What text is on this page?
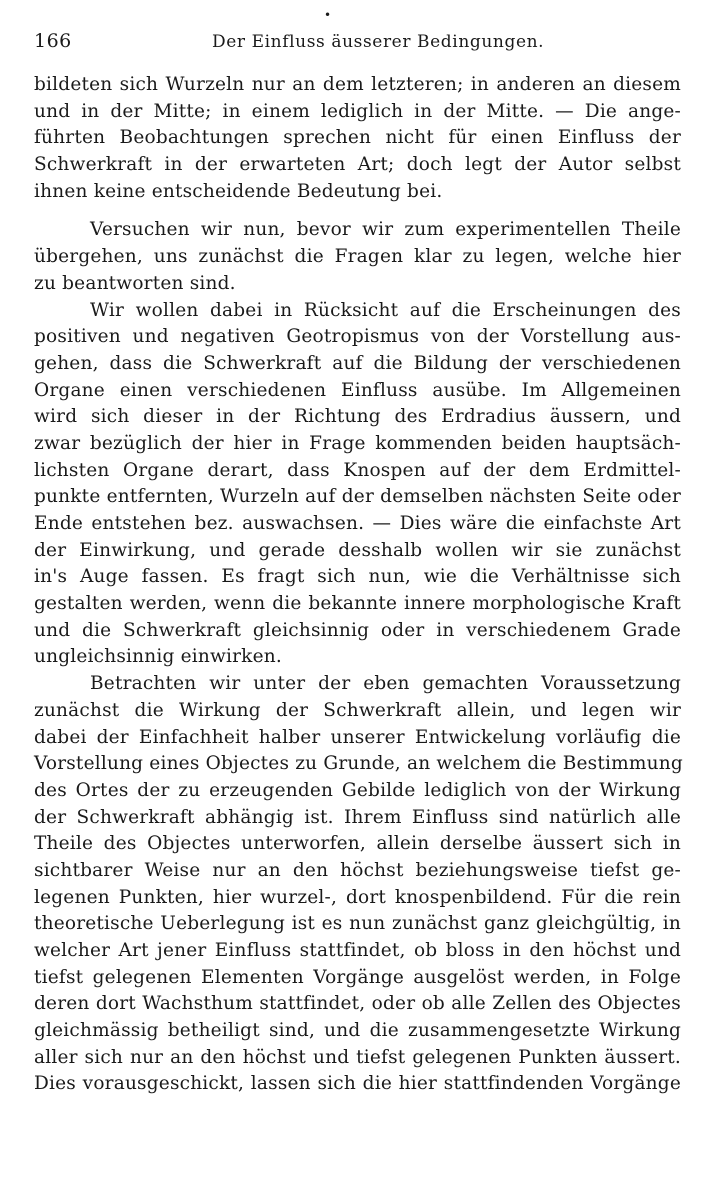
•
166	Der Einfluss äusserer Bedingungen.
bildeten sich Wurzeln nur an dem letzteren; in anderen an diesem
und in der Mitte; in einem lediglich in der Mitte. — Die ange-
führten Beobachtungen sprechen nicht für einen Einfluss der
Schwerkraft in der erwarteten Art; doch legt der Autor selbst
ihnen keine entscheidende Bedeutung bei.
Versuchen wir nun, bevor wir zum experimentellen Theile
übergehen, uns zunächst die Fragen klar zu legen, welche hier
zu beantworten sind.
Wir wollen dabei in Rücksicht auf die Erscheinungen des
positiven und negativen Geotropismus von der Vorstellung aus-
gehen, dass die Schwerkraft auf die Bildung der verschiedenen
Organe einen verschiedenen Einfluss ausübe. Im Allgemeinen
wird sich dieser in der Richtung des Erdradius äussern, und
zwar bezüglich der hier in Frage kommenden beiden hauptsäch-
lichsten Organe derart, dass Knospen auf der dem Erdmittel-
punkte entfernten, Wurzeln auf der demselben nächsten Seite oder
Ende entstehen bez. auswachsen. — Dies wäre die einfachste Art
der Einwirkung, und gerade desshalb wollen wir sie zunächst
in's Auge fassen. Es fragt sich nun, wie die Verhältnisse sich
gestalten werden, wenn die bekannte innere morphologische Kraft
und die Schwerkraft gleichsinnig oder in verschiedenem Grade
ungleichsinnig einwirken.
Betrachten wir unter der eben gemachten Voraussetzung
zunächst die Wirkung der Schwerkraft allein, und legen wir
dabei der Einfachheit halber unserer Entwickelung vorläufig die
Vorstellung eines Objectes zu Grunde, an welchem die Bestimmung
des Ortes der zu erzeugenden Gebilde lediglich von der Wirkung
der Schwerkraft abhängig ist. Ihrem Einfluss sind natürlich alle
Theile des Objectes unterworfen, allein derselbe äussert sich in
sichtbarer Weise nur an den höchst beziehungsweise tiefst ge-
legenen Punkten, hier wurzel-, dort knospenbildend. Für die rein
theoretische Ueberlegung ist es nun zunächst ganz gleichgültig, in
welcher Art jener Einfluss stattfindet, ob bloss in den höchst und
tiefst gelegenen Elementen Vorgänge ausgelöst werden, in Folge
deren dort Wachsthum stattfindet, oder ob alle Zellen des Objectes
gleichmässig betheiligt sind, und die zusammengesetzte Wirkung
aller sich nur an den höchst und tiefst gelegenen Punkten äussert.
Dies vorausgeschickt, lassen sich die hier stattfindenden Vorgänge
